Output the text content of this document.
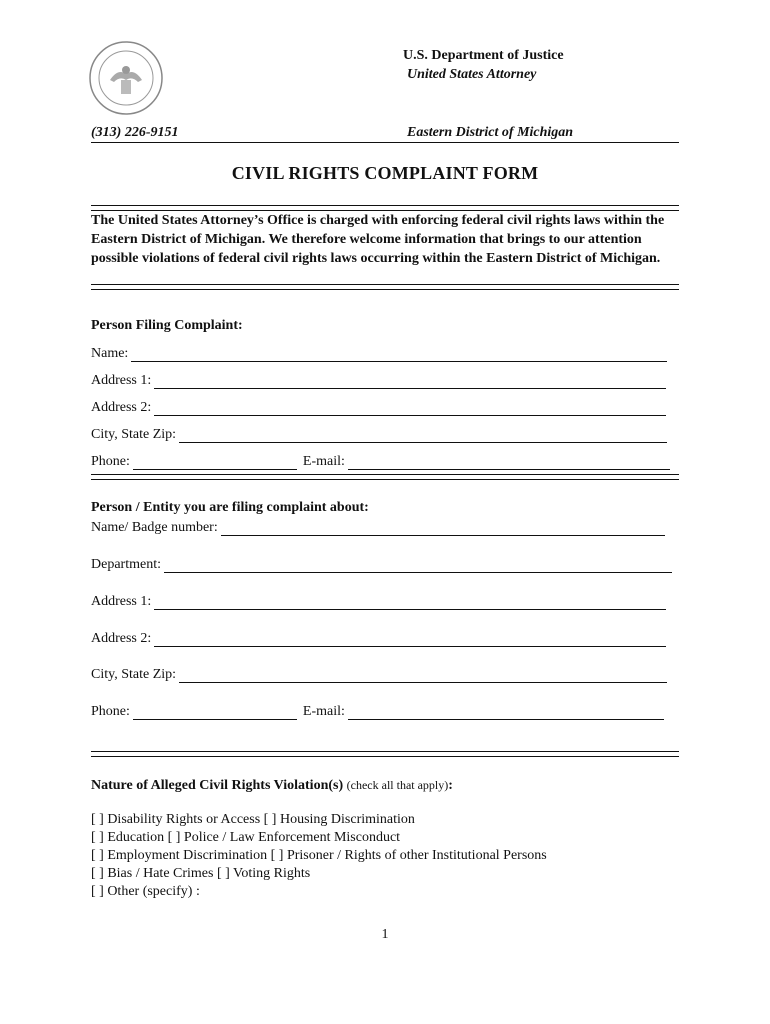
U.S. Department of Justice
United States Attorney
(313) 226-9151	Eastern District of Michigan
CIVIL RIGHTS COMPLAINT FORM
The United States Attorney’s Office is charged with enforcing federal civil rights laws within the Eastern District of Michigan. We therefore welcome information that brings to our attention possible violations of federal civil rights laws occurring within the Eastern District of Michigan.
Person Filing Complaint:
Name:
Address 1:
Address 2:
City, State Zip:
Phone:	E-mail:
Person / Entity you are filing complaint about:
Name/ Badge number:
Department:
Address 1:
Address 2:
City, State Zip:
Phone:	E-mail:
Nature of Alleged Civil Rights Violation(s) (check all that apply):
[ ] Disability Rights or Access [ ] Housing Discrimination
[ ] Education [ ] Police / Law Enforcement Misconduct
[ ] Employment Discrimination [ ] Prisoner / Rights of other Institutional Persons
[ ] Bias / Hate Crimes [ ] Voting Rights
[ ] Other (specify) :
1
